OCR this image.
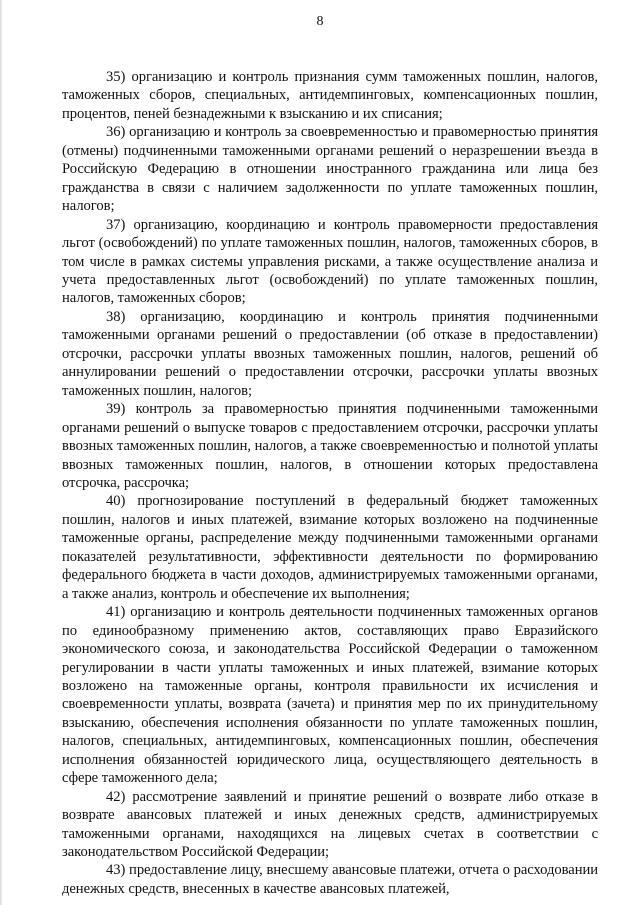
8

35) организацию и контроль признания сумм таможенных пошлин, налогов, таможенных сборов, специальных, антидемпинговых, компенсационных пошлин, процентов, пеней безнадежными к взысканию и их списания;

36) организацию и контроль за своевременностью и правомерностью принятия (отмены) подчиненными таможенными органами решений о неразрешении въезда в Российскую Федерацию в отношении иностранного гражданина или лица без гражданства в связи с наличием задолженности по уплате таможенных пошлин, налогов;

37) организацию, координацию и контроль правомерности предоставления льгот (освобождений) по уплате таможенных пошлин, налогов, таможенных сборов, в том числе в рамках системы управления рисками, а также осуществление анализа и учета предоставленных льгот (освобождений) по уплате таможенных пошлин, налогов, таможенных сборов;

38) организацию, координацию и контроль принятия подчиненными таможенными органами решений о предоставлении (об отказе в предоставлении) отсрочки, рассрочки уплаты ввозных таможенных пошлин, налогов, решений об аннулировании решений о предоставлении отсрочки, рассрочки уплаты ввозных таможенных пошлин, налогов;

39) контроль за правомерностью принятия подчиненными таможенными органами решений о выпуске товаров с предоставлением отсрочки, рассрочки уплаты ввозных таможенных пошлин, налогов, а также своевременностью и полнотой уплаты ввозных таможенных пошлин, налогов, в отношении которых предоставлена отсрочка, рассрочка;

40) прогнозирование поступлений в федеральный бюджет таможенных пошлин, налогов и иных платежей, взимание которых возложено на подчиненные таможенные органы, распределение между подчиненными таможенными органами показателей результативности, эффективности деятельности по формированию федерального бюджета в части доходов, администрируемых таможенными органами, а также анализ, контроль и обеспечение их выполнения;

41) организацию и контроль деятельности подчиненных таможенных органов по единообразному применению актов, составляющих право Евразийского экономического союза, и законодательства Российской Федерации о таможенном регулировании в части уплаты таможенных и иных платежей, взимание которых возложено на таможенные органы, контроля правильности их исчисления и своевременности уплаты, возврата (зачета) и принятия мер по их принудительному взысканию, обеспечения исполнения обязанности по уплате таможенных пошлин, налогов, специальных, антидемпинговых, компенсационных пошлин, обеспечения исполнения обязанностей юридического лица, осуществляющего деятельность в сфере таможенного дела;

42) рассмотрение заявлений и принятие решений о возврате либо отказе в возврате авансовых платежей и иных денежных средств, администрируемых таможенными органами, находящихся на лицевых счетах в соответствии с законодательством Российской Федерации;

43) предоставление лицу, внесшему авансовые платежи, отчета о расходовании денежных средств, внесенных в качестве авансовых платежей,
